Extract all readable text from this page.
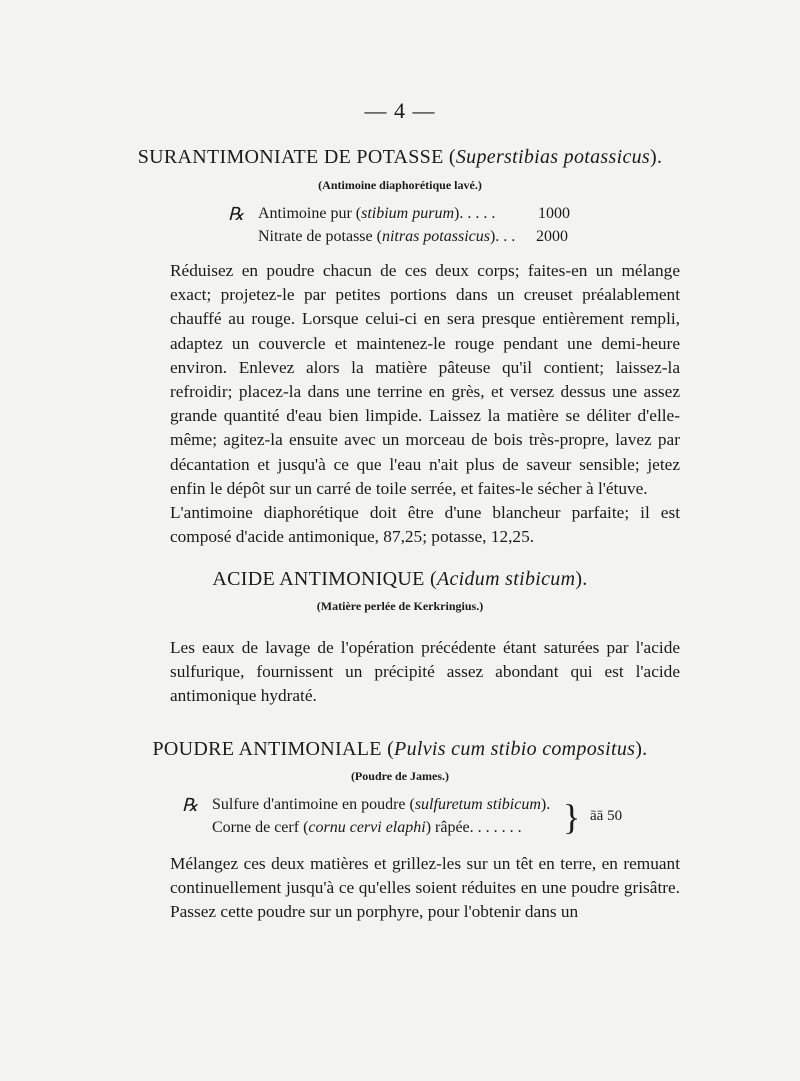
— 4 —
SURANTIMONIATE DE POTASSE (Superstibias potassicus).
(Antimoine diaphorétique lavé.)
℞ Antimoine pur (stibium purum). . . . .	1000
Nitrate de potasse (nitras potassicus). . . 2000

Réduisez en poudre chacun de ces deux corps; faites-en un mélange exact; projetez-le par petites portions dans un creuset préalablement chauffé au rouge. Lorsque celui-ci en sera presque entièrement rempli, adaptez un couvercle et maintenez-le rouge pendant une demi-heure environ. Enlevez alors la matière pâteuse qu'il contient; laissez-la refroidir; placez-la dans une terrine en grès, et versez dessus une assez grande quantité d'eau bien limpide. Laissez la matière se déliter d'elle-même; agitez-la ensuite avec un morceau de bois très-propre, lavez par décantation et jusqu'à ce que l'eau n'ait plus de saveur sensible; jetez enfin le dépôt sur un carré de toile serrée, et faites-le sécher à l'étuve.

L'antimoine diaphorétique doit être d'une blancheur parfaite; il est composé d'acide antimonique, 87,25; potasse, 12,25.

ACIDE ANTIMONIQUE (Acidum stibicum).
(Matière perlée de Kerkringius.)

Les eaux de lavage de l'opération précédente étant saturées par l'acide sulfurique, fournissent un précipité assez abondant qui est l'acide antimonique hydraté.

POUDRE ANTIMONIALE (Pulvis cum stibio compositus).
(Poudre de James.)
℞ Sulfure d'antimoine en poudre (sulfuretum stibicum).
Corne de cerf (cornu cervi elaphi) râpée. . . . . . . } āā 50

Mélangez ces deux matières et grillez-les sur un têt en terre, en remuant continuellement jusqu'à ce qu'elles soient réduites en une poudre grisâtre. Passez cette poudre sur un porphyre, pour l'obtenir dans un
